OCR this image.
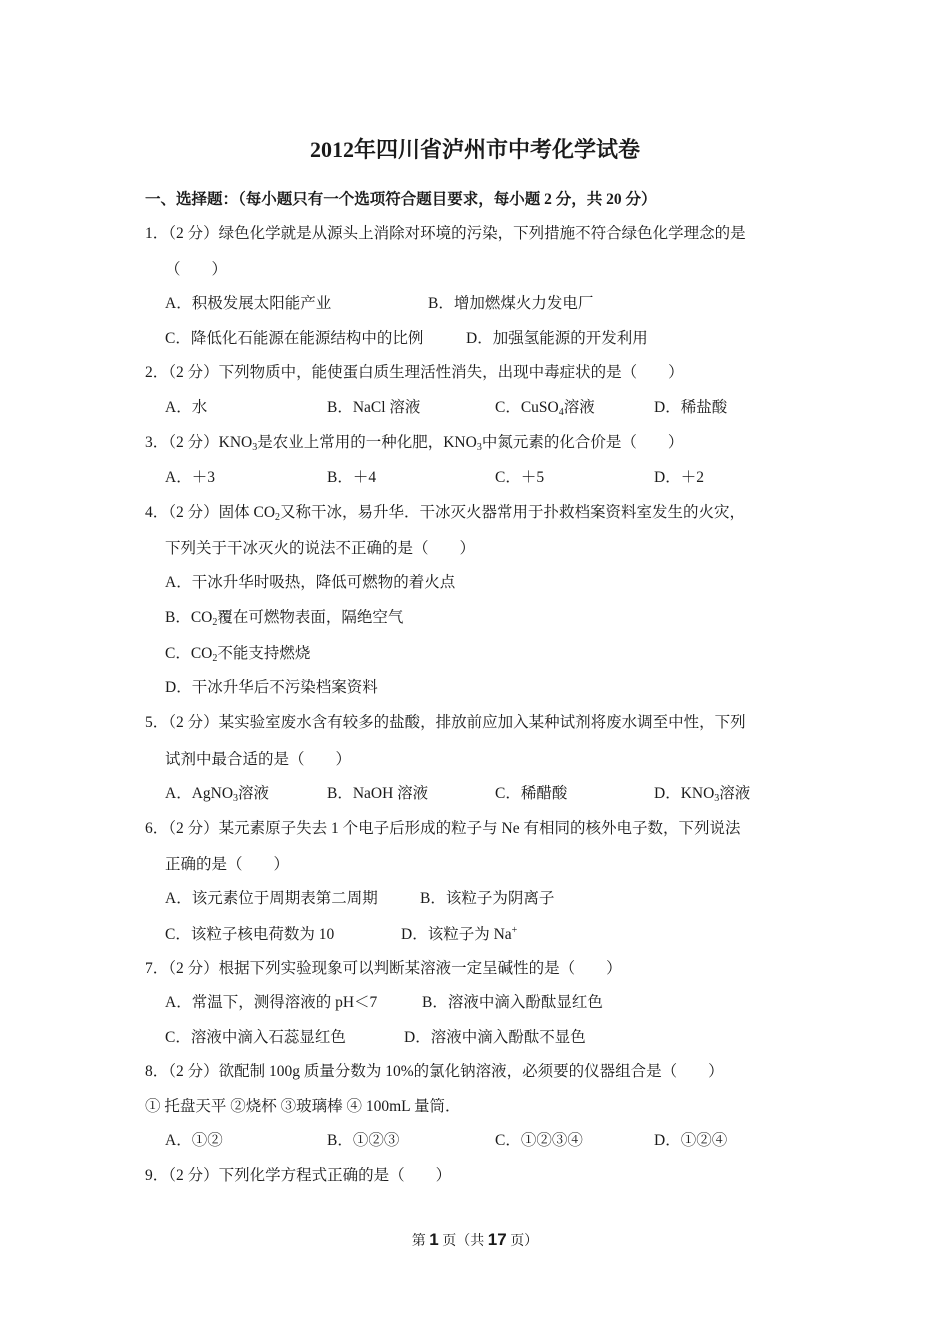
2012年四川省泸州市中考化学试卷
一、选择题：（每小题只有一个选项符合题目要求，每小题 2 分，共 20 分）
1．（2 分）绿色化学就是从源头上消除对环境的污染，下列措施不符合绿色化学理念的是
（　　）
A．积极发展太阳能产业	B．增加燃煤火力发电厂
C．降低化石能源在能源结构中的比例	D．加强氢能源的开发利用
2．（2 分）下列物质中，能使蛋白质生理活性消失，出现中毒症状的是（　　）
A．水	B．NaCl 溶液	C．CuSO$_4$溶液	D．稀盐酸
3．（2 分）$KNO_3$是农业上常用的一种化肥，$KNO_3$中氮元素的化合价是（　　）
A．＋3	B．＋4	C．＋5	D．＋2
4．（2 分）固体 $CO_2$又称干冰，易升华．干冰灭火器常用于扑救档案资料室发生的火灾，
下列关于干冰灭火的说法不正确的是（　　）
A．干冰升华时吸热，降低可燃物的着火点
B．$CO_2$覆在可燃物表面，隔绝空气
C．$CO_2$不能支持燃烧
D．干冰升华后不污染档案资料
5．（2 分）某实验室废水含有较多的盐酸，排放前应加入某种试剂将废水调至中性，下列
试剂中最合适的是（　　）
A．AgNO$_3$溶液	B．NaOH 溶液	C．稀醋酸	D．$KNO_3$溶液
6．（2 分）某元素原子失去 1 个电子后形成的粒子与 Ne 有相同的核外电子数，下列说法
正确的是（　　）
A．该元素位于周期表第二周期	B．该粒子为阴离子
C．该粒子核电荷数为 10	D．该粒子为 Na+
7．（2 分）根据下列实验现象可以判断某溶液一定呈碱性的是（　　）
A．常温下，测得溶液的 pH＜7	B．溶液中滴入酚酞显红色
C．溶液中滴入石蕊显红色	D．溶液中滴入酚酞不显色
8．（2 分）欲配制 100g 质量分数为 10%的氯化钠溶液，必须要的仪器组合是（　　）
① 托盘天平 ②烧杯 ③玻璃棒 ④ 100mL 量筒．
A．①②	B．①②③	C．①②③④	D．①②④
9．（2 分）下列化学方程式正确的是（　　）
第 1 页（共 17 页）
